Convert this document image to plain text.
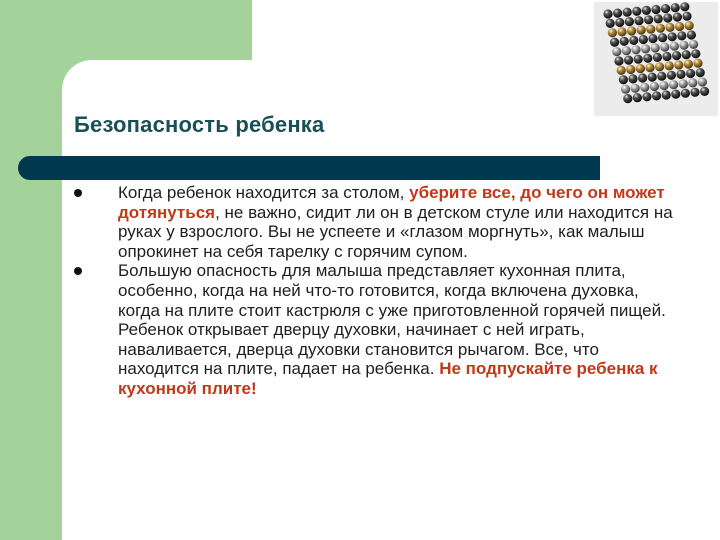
Безопасность ребенка
Когда ребенок находится за столом, уберите все, до чего он может дотянуться, не важно, сидит ли он в детском стуле или находится на руках у взрослого. Вы не успеете и «глазом моргнуть», как малыш опрокинет на себя тарелку с горячим супом.
Большую опасность для малыша представляет кухонная плита, особенно, когда на ней что-то готовится, когда включена духовка, когда на плите стоит кастрюля с уже приготовленной горячей пищей. Ребенок открывает дверцу духовки, начинает с ней играть, наваливается, дверца духовки становится рычагом. Все, что находится на плите, падает на ребенка. Не подпускайте ребенка к кухонной плите!
